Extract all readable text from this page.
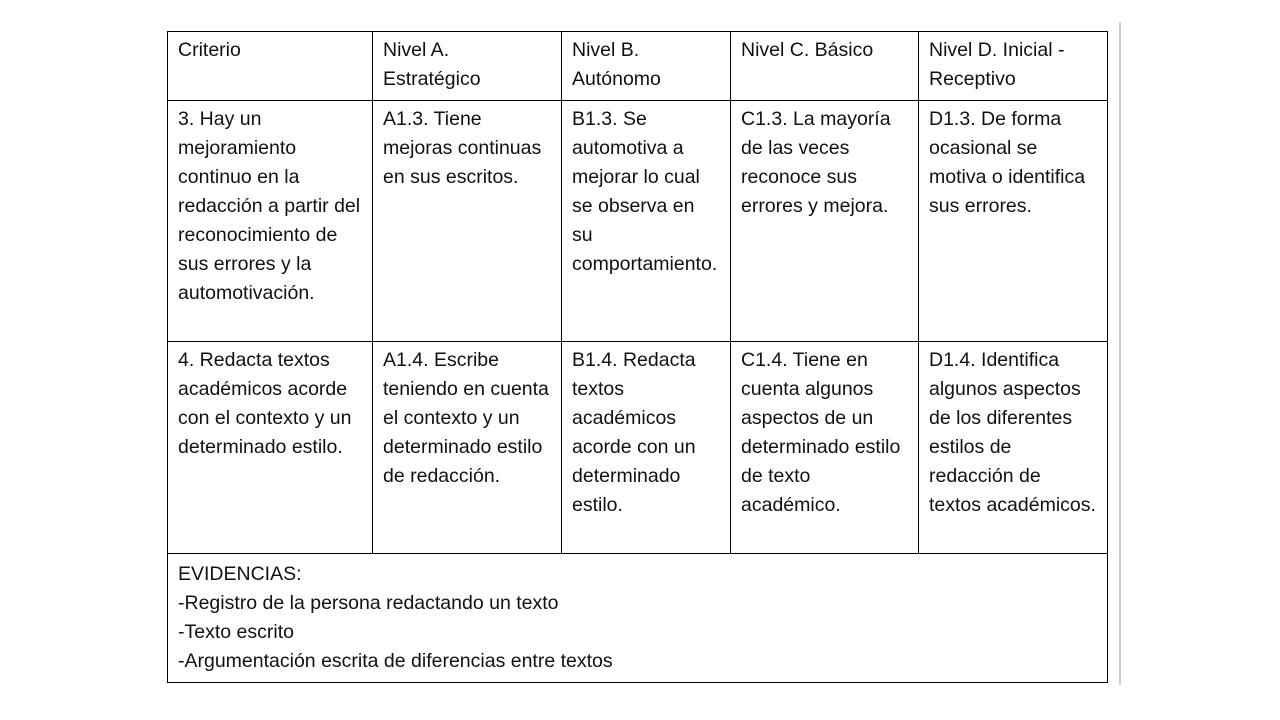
Criterio	Nivel A. Estratégico	Nivel B. Autónomo	Nivel C. Básico	Nivel D. Inicial - Receptivo
3. Hay un mejoramiento continuo en la redacción a partir del reconocimiento de sus errores y la automotivación.	A1.3. Tiene mejoras continuas en sus escritos.	B1.3. Se automotiva a mejorar lo cual se observa en su comportamiento.	C1.3. La mayoría de las veces reconoce sus errores y mejora.	D1.3. De forma ocasional se motiva o identifica sus errores.
4. Redacta textos académicos acorde con el contexto y un determinado estilo.	A1.4. Escribe teniendo en cuenta el contexto y un determinado estilo de redacción.	B1.4. Redacta textos académicos acorde con un determinado estilo.	C1.4. Tiene en cuenta algunos aspectos de un determinado estilo de texto académico.	D1.4. Identifica algunos aspectos de los diferentes estilos de redacción de textos académicos.

EVIDENCIAS:
-Registro de la persona redactando un texto
-Texto escrito
-Argumentación escrita de diferencias entre textos				
